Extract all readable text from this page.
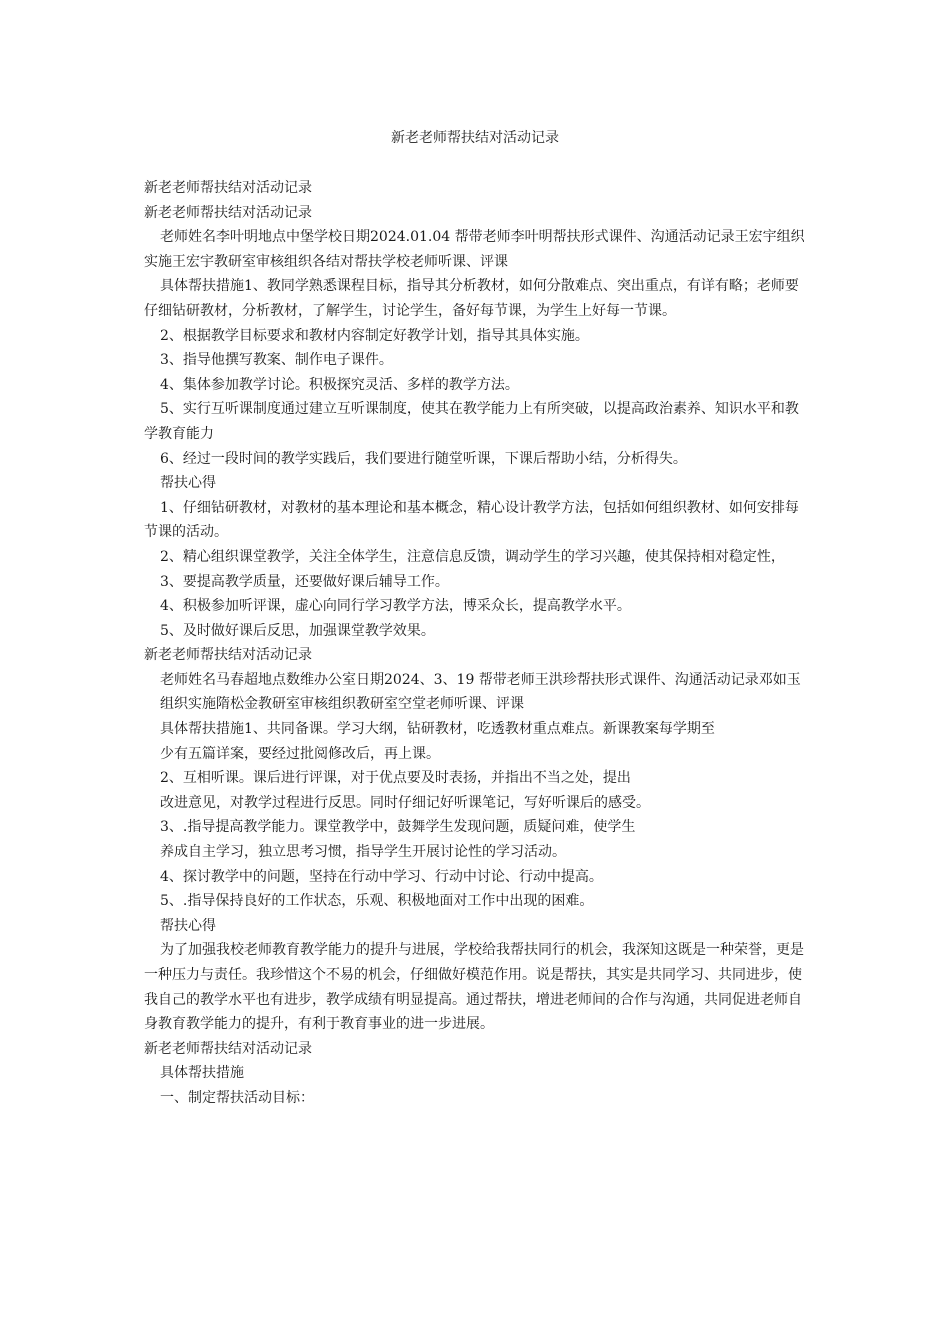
新老老师帮扶结对活动记录

新老老师帮扶结对活动记录

新老老师帮扶结对活动记录

老师姓名李叶明地点中堡学校日期2024.01.04 帮带老师李叶明帮扶形式课件、沟通活动记录王宏宇组织实施王宏宇教研室审核组织各结对帮扶学校老师听课、评课

具体帮扶措施1、教同学熟悉课程目标，指导其分析教材，如何分散难点、突出重点，有详有略；老师要仔细钻研教材，分析教材，了解学生，讨论学生，备好每节课，为学生上好每一节课。

2、根据教学目标要求和教材内容制定好教学计划，指导其具体实施。

3、指导他撰写教案、制作电子课件。

4、集体参加教学讨论。积极探究灵活、多样的教学方法。

5、实行互听课制度通过建立互听课制度，使其在教学能力上有所突破，以提高政治素养、知识水平和教学教育能力

6、经过一段时间的教学实践后，我们要进行随堂听课，下课后帮助小结，分析得失。

帮扶心得

1、仔细钻研教材，对教材的基本理论和基本概念，精心设计教学方法，包括如何组织教材、如何安排每节课的活动。

2、精心组织课堂教学，关注全体学生，注意信息反馈，调动学生的学习兴趣，使其保持相对稳定性，

3、要提高教学质量，还要做好课后辅导工作。

4、积极参加听评课，虚心向同行学习教学方法，博采众长，提高教学水平。

5、及时做好课后反思，加强课堂教学效果。

新老老师帮扶结对活动记录

老师姓名马春超地点数维办公室日期2024、3、19 帮带老师王洪珍帮扶形式课件、沟通活动记录邓如玉

组织实施隋松金教研室审核组织教研室空堂老师听课、评课

具体帮扶措施1、共同备课。学习大纲，钻研教材，吃透教材重点难点。新课教案每学期至

少有五篇详案，要经过批阅修改后，再上课。

2、互相听课。课后进行评课，对于优点要及时表扬，并指出不当之处，提出

改进意见，对教学过程进行反思。同时仔细记好听课笔记，写好听课后的感受。

3、.指导提高教学能力。课堂教学中，鼓舞学生发现问题，质疑问难，使学生

养成自主学习，独立思考习惯，指导学生开展讨论性的学习活动。

4、探讨教学中的问题，坚持在行动中学习、行动中讨论、行动中提高。

5、.指导保持良好的工作状态，乐观、积极地面对工作中出现的困难。

帮扶心得

为了加强我校老师教育教学能力的提升与进展，学校给我帮扶同行的机会，我深知这既是一种荣誉，更是一种压力与责任。我珍惜这个不易的机会，仔细做好模范作用。说是帮扶，其实是共同学习、共同进步，使我自己的教学水平也有进步，教学成绩有明显提高。通过帮扶，增进老师间的合作与沟通，共同促进老师自身教育教学能力的提升，有利于教育事业的进一步进展。

新老老师帮扶结对活动记录

具体帮扶措施

一、制定帮扶活动目标：
